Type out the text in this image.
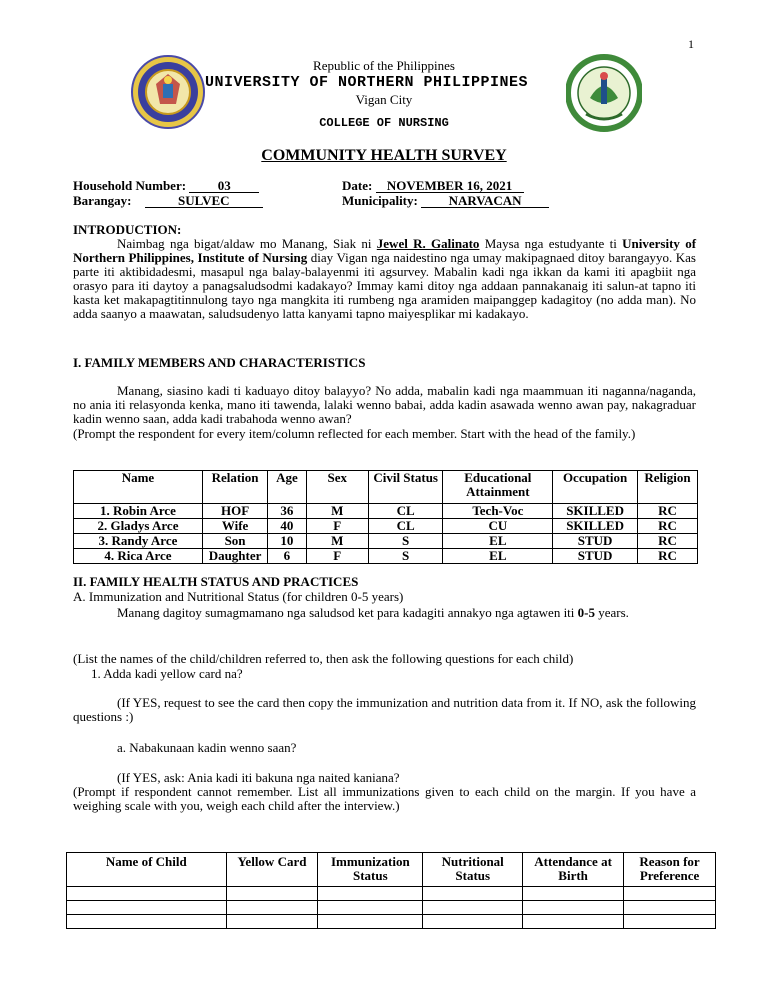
1
Republic of the Philippines
UNIVERSITY OF NORTHERN PHILIPPINES
Vigan City
COLLEGE OF NURSING
COMMUNITY HEALTH SURVEY
Household Number: 03
Barangay:	SULVEC
Date: NOVEMBER 16, 2021
Municipality: NARVACAN
INTRODUCTION:
Naimbag nga bigat/aldaw mo Manang, Siak ni Jewel R. Galinato Maysa nga estudyante ti University of Northern Philippines, Institute of Nursing diay Vigan nga naidestino nga umay makipagnaed ditoy barangayyo. Kas parte iti aktibidadesmi, masapul nga balay-balayenmi iti agsurvey. Mabalin kadi nga ikkan da kami iti apagbiit nga orasyo para iti daytoy a panagsaludsodmi kadakayo? Immay kami ditoy nga addaan pannakanaig iti salun-at tapno iti kasta ket makapagtitinnulong tayo nga mangkita iti rumbeng nga aramiden maipanggep kadagitoy (no adda man). No adda saanyo a maawatan, saludsudenyo latta kanyami tapno maiyesplikar mi kadakayo.
I. FAMILY MEMBERS AND CHARACTERISTICS
Manang, siasino kadi ti kaduayo ditoy balayyo? No adda, mabalin kadi nga maammuan iti naganna/naganda, no ania iti relasyonda kenka, mano iti tawenda, lalaki wenno babai, adda kadin asawada wenno awan pay, nakagraduar kadin wenno saan, adda kadi trabahoda wenno awan?
(Prompt the respondent for every item/column reflected for each member. Start with the head of the family.)
Name	Relation	Age	Sex	Civil Status	Educational Attainment	Occupation	Religion
1. Robin Arce	HOF	36	M	CL	Tech-Voc	SKILLED	RC
2. Gladys Arce	Wife	40	F	CL	CU	SKILLED	RC
3. Randy Arce	Son	10	M	S	EL	STUD	RC
4. Rica Arce	Daughter	6	F	S	EL	STUD	RC
II. FAMILY HEALTH STATUS AND PRACTICES
A. Immunization and Nutritional Status (for children 0-5 years)
Manang dagitoy sumagmamano nga saludsod ket para kadagiti annakyo nga agtawen iti 0-5 years.
(List the names of the child/children referred to, then ask the following questions for each child)
1. Adda kadi yellow card na?
(If YES, request to see the card then copy the immunization and nutrition data from it. If NO, ask the following questions :)
a. Nabakunaan kadin wenno saan?
(If YES, ask: Ania kadi iti bakuna nga naited kaniana?
(Prompt if respondent cannot remember. List all immunizations given to each child on the margin. If you have a weighing scale with you, weigh each child after the interview.)
Name of Child	Yellow Card	Immunization Status	Nutritional Status	Attendance at Birth	Reason for Preference
